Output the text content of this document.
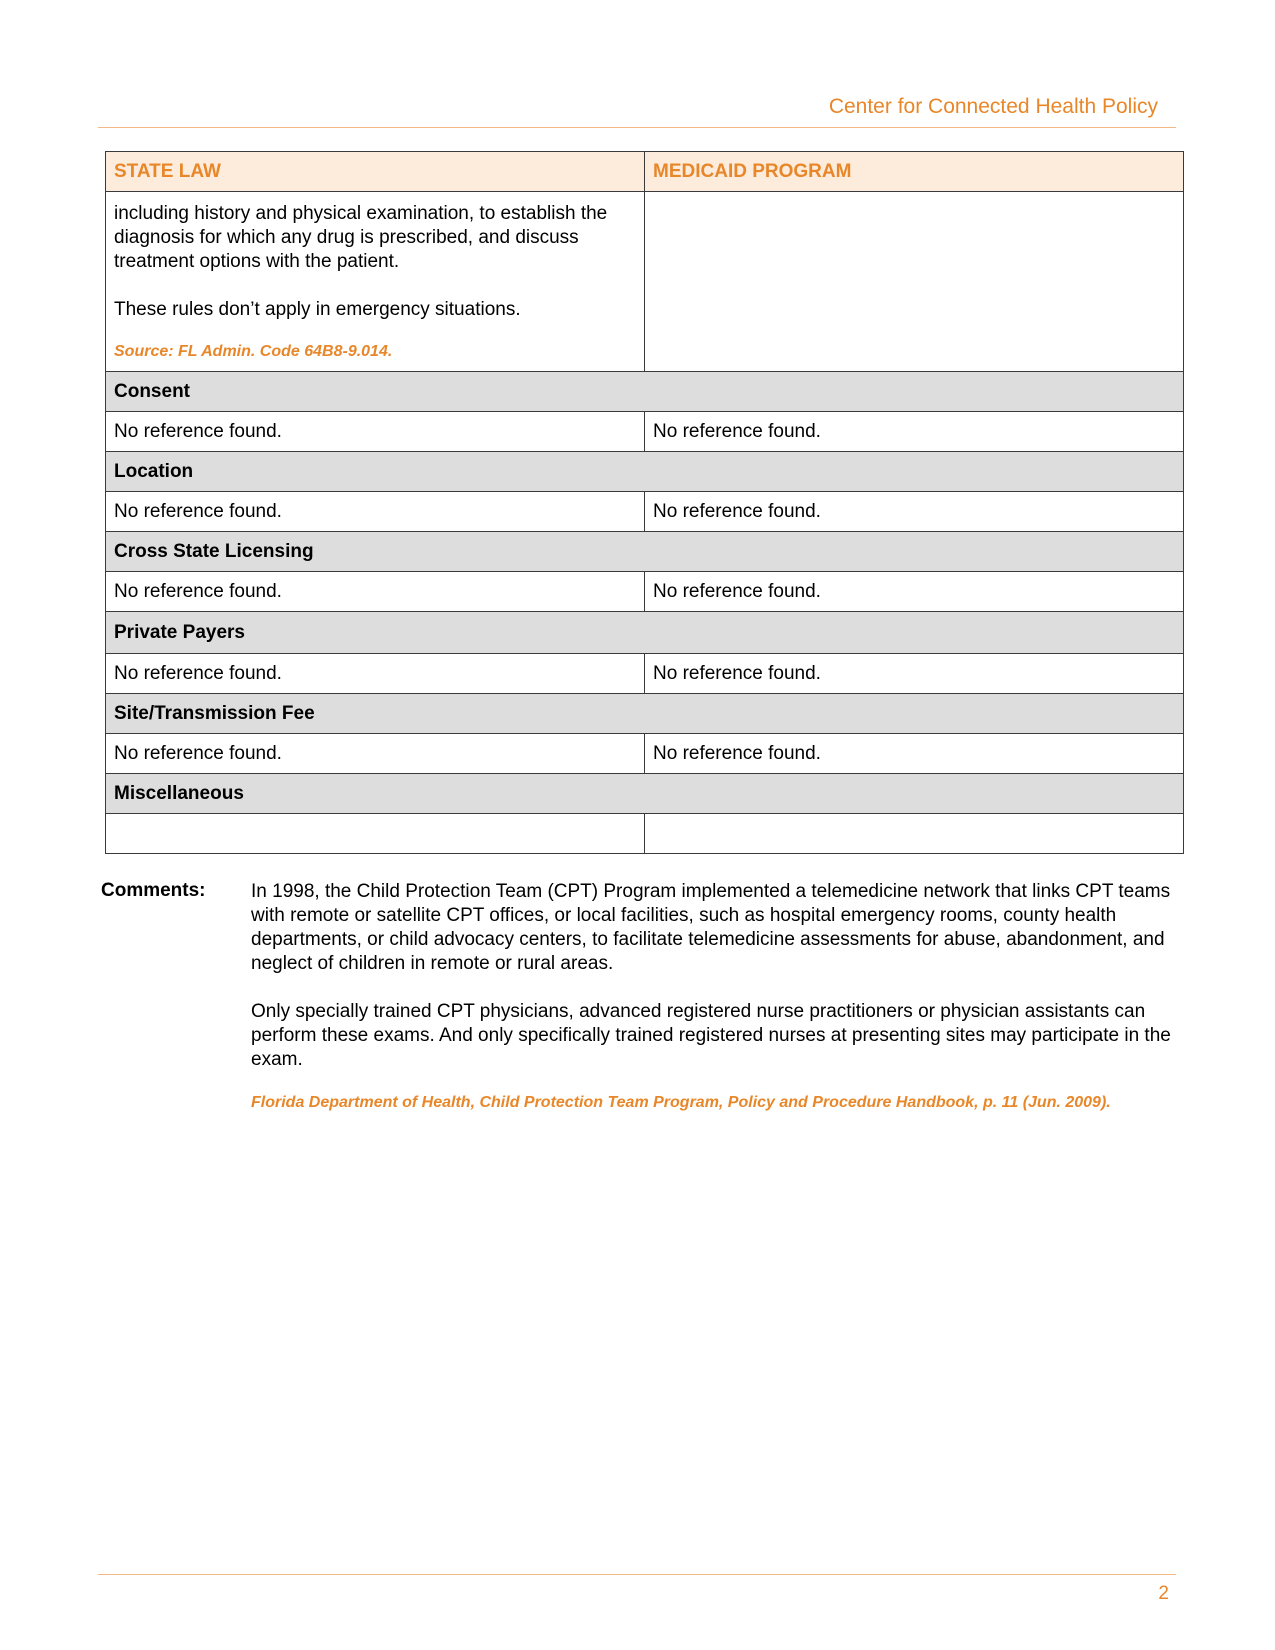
Center for Connected Health Policy
STATE LAW	MEDICAID PROGRAM

including history and physical examination, to establish the diagnosis for which any drug is prescribed, and discuss treatment options with the patient.

These rules don’t apply in emergency situations.

Source: FL Admin. Code 64B8-9.014.	

Consent	
No reference found.	No reference found.
Location	
No reference found.	No reference found.
Cross State Licensing	
No reference found.	No reference found.
Private Payers	
No reference found.	No reference found.
Site/Transmission Fee	
No reference found.	No reference found.
Miscellaneous	

Comments: In 1998, the Child Protection Team (CPT) Program implemented a telemedicine network that links CPT teams with remote or satellite CPT offices, or local facilities, such as hospital emergency rooms, county health departments, or child advocacy centers, to facilitate telemedicine assessments for abuse, abandonment, and neglect of children in remote or rural areas.

Only specially trained CPT physicians, advanced registered nurse practitioners or physician assistants can perform these exams. And only specifically trained registered nurses at presenting sites may participate in the exam.

Florida Department of Health, Child Protection Team Program, Policy and Procedure Handbook, p. 11 (Jun. 2009).
2
